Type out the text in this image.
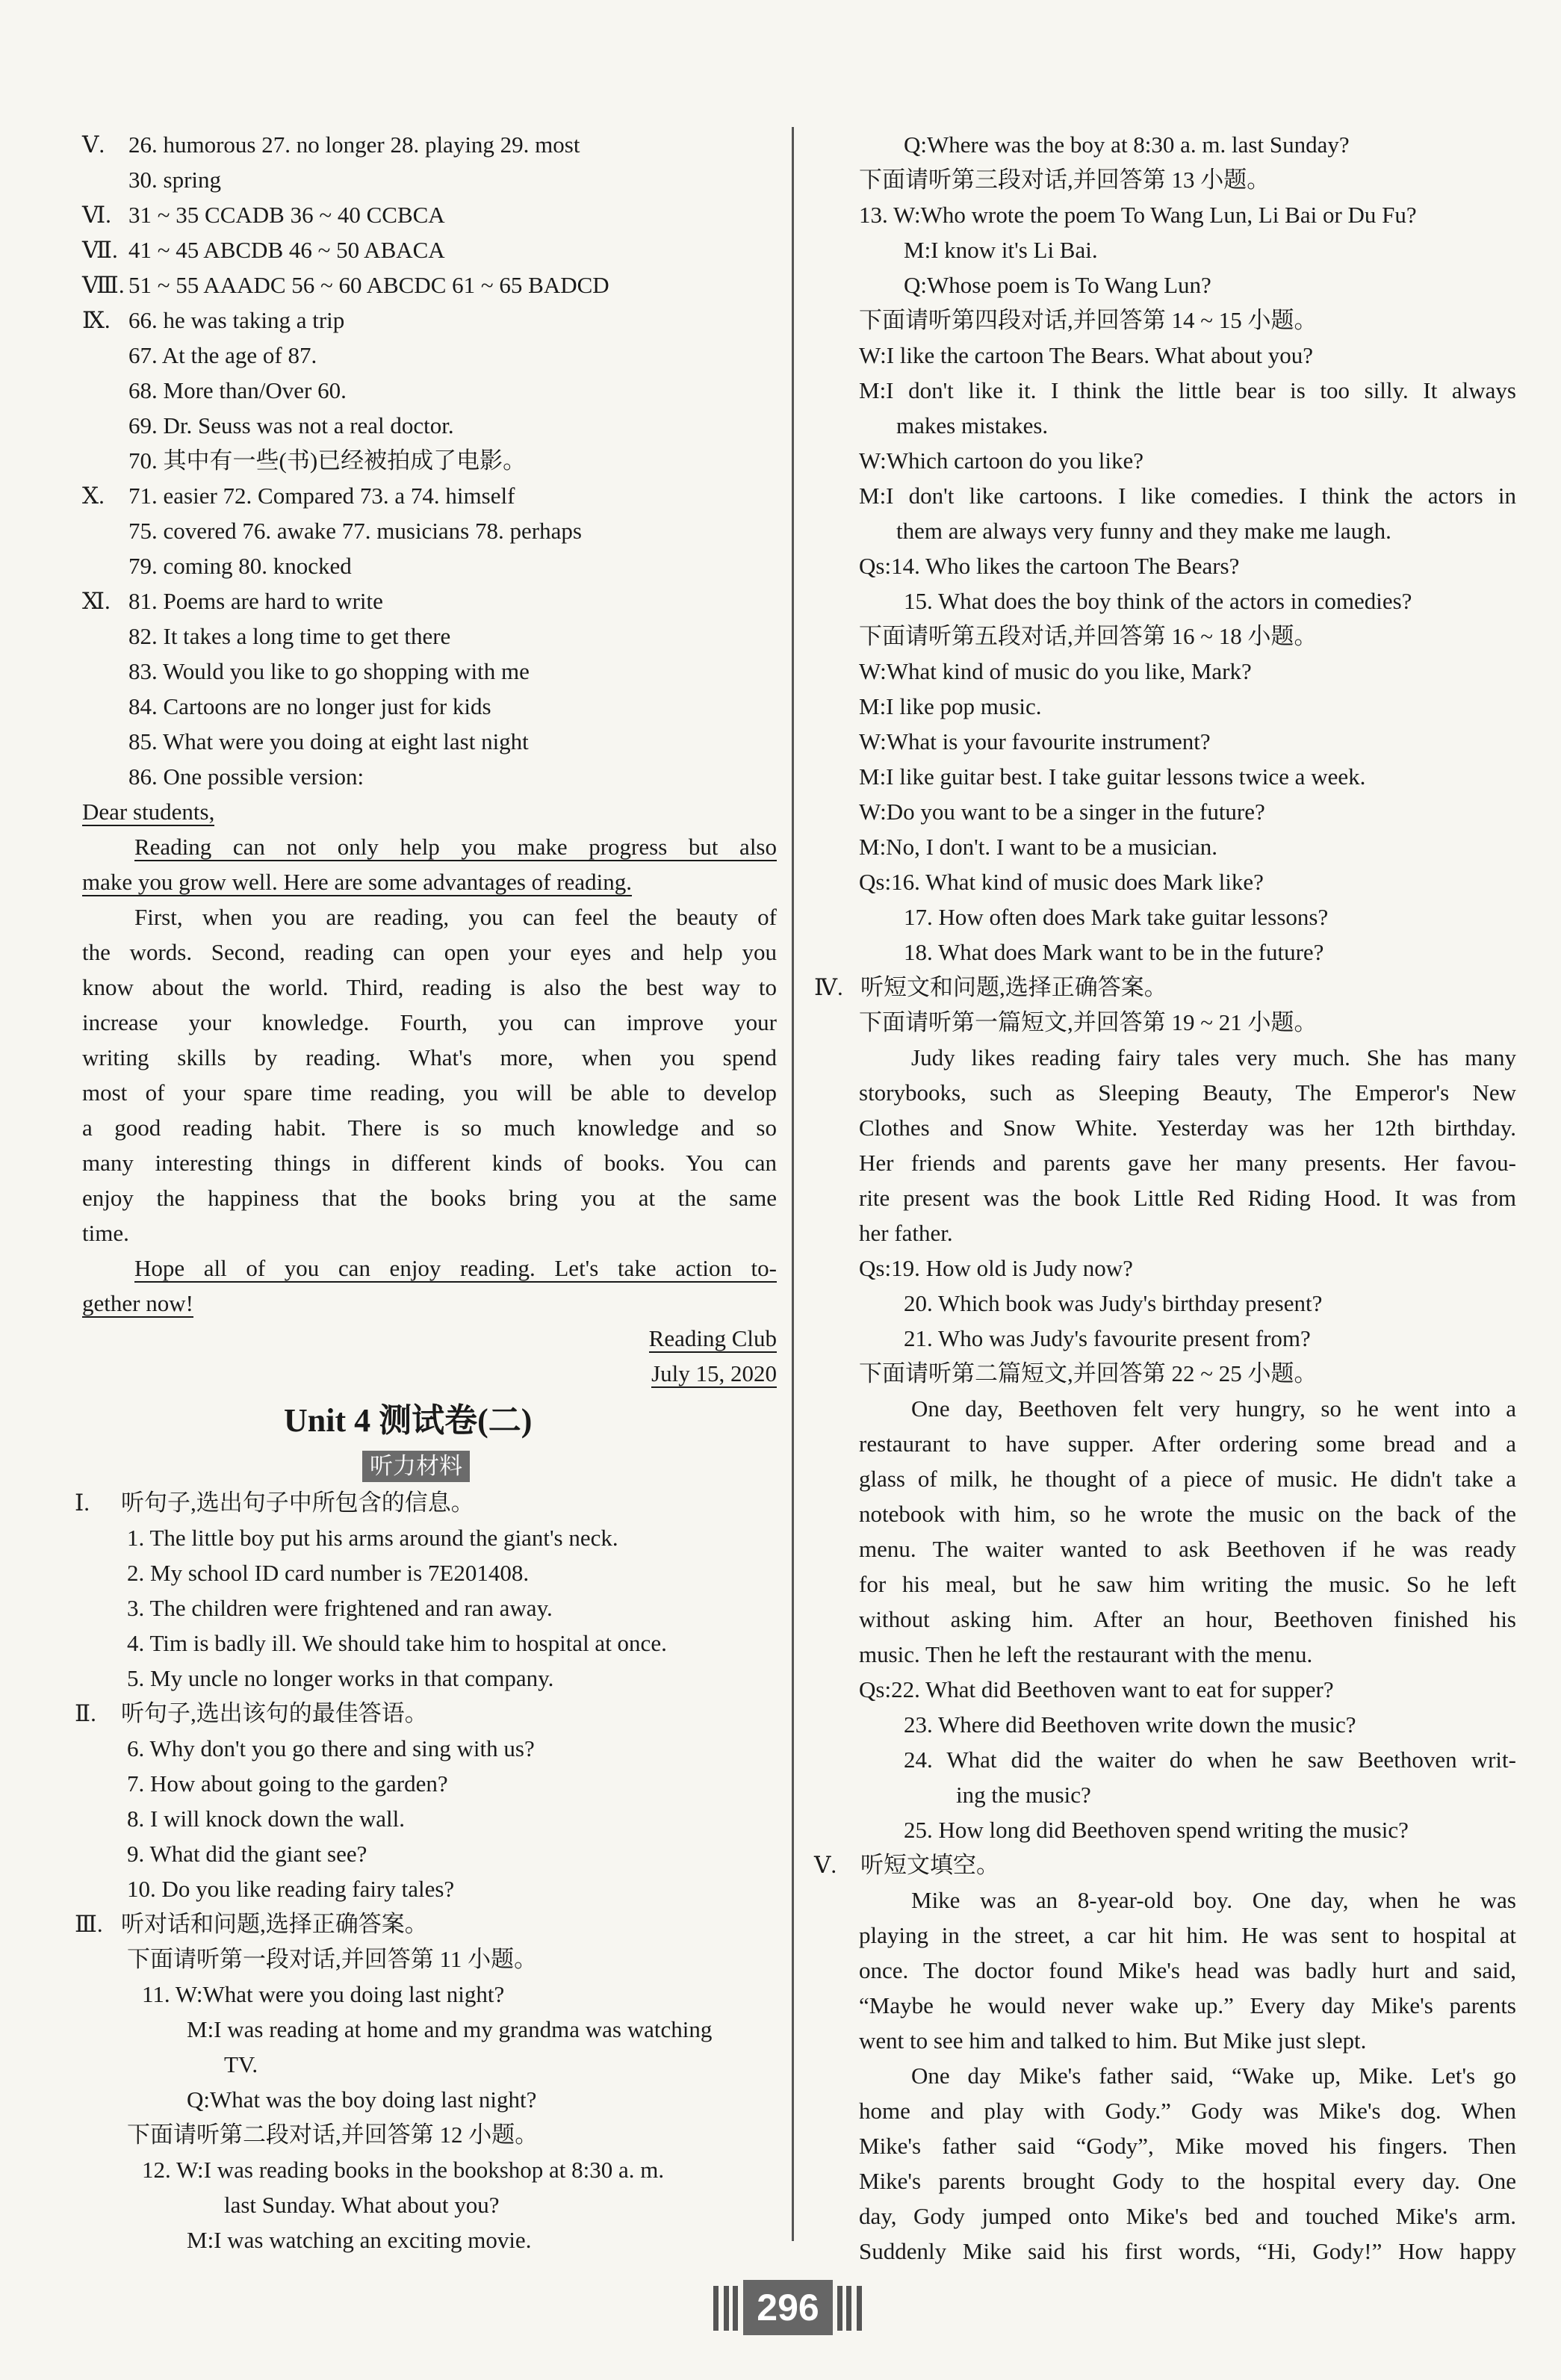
Ⅴ. 26. humorous 27. no longer 28. playing 29. most
30. spring
Ⅵ. 31 ~ 35 CCADB 36 ~ 40 CCBCA
Ⅶ. 41 ~ 45 ABCDB 46 ~ 50 ABACA
Ⅷ. 51 ~ 55 AAADC 56 ~ 60 ABCDC 61 ~ 65 BADCD
Ⅸ. 66. he was taking a trip
67. At the age of 87.
68. More than/Over 60.
69. Dr. Seuss was not a real doctor.
70. 其中有一些(书)已经被拍成了电影。
Ⅹ. 71. easier 72. Compared 73. a 74. himself
75. covered 76. awake 77. musicians 78. perhaps
79. coming 80. knocked
Ⅺ. 81. Poems are hard to write
82. It takes a long time to get there
83. Would you like to go shopping with me
84. Cartoons are no longer just for kids
85. What were you doing at eight last night
86. One possible version:
Dear students,
Reading can not only help you make progress but also
make you grow well. Here are some advantages of reading.
First, when you are reading, you can feel the beauty of
the words. Second, reading can open your eyes and help you
know about the world. Third, reading is also the best way to
increase your knowledge. Fourth, you can improve your
writing skills by reading. What's more, when you spend
most of your spare time reading, you will be able to develop
a good reading habit. There is so much knowledge and so
many interesting things in different kinds of books. You can
enjoy the happiness that the books bring you at the same
time.
Hope all of you can enjoy reading. Let's take action to-
gether now!
Reading Club
July 15, 2020
Unit 4 测试卷(二)
听力材料
Ⅰ. 听句子,选出句子中所包含的信息。
1. The little boy put his arms around the giant's neck.
2. My school ID card number is 7E201408.
3. The children were frightened and ran away.
4. Tim is badly ill. We should take him to hospital at once.
5. My uncle no longer works in that company.
Ⅱ. 听句子,选出该句的最佳答语。
6. Why don't you go there and sing with us?
7. How about going to the garden?
8. I will knock down the wall.
9. What did the giant see?
10. Do you like reading fairy tales?
Ⅲ. 听对话和问题,选择正确答案。
下面请听第一段对话,并回答第 11 小题。
11. W:What were you doing last night?
M:I was reading at home and my grandma was watching
TV.
Q:What was the boy doing last night?
下面请听第二段对话,并回答第 12 小题。
12. W:I was reading books in the bookshop at 8:30 a. m.
last Sunday. What about you?
M:I was watching an exciting movie.
Q:Where was the boy at 8:30 a. m. last Sunday?
下面请听第三段对话,并回答第 13 小题。
13. W:Who wrote the poem To Wang Lun, Li Bai or Du Fu?
M:I know it's Li Bai.
Q:Whose poem is To Wang Lun?
下面请听第四段对话,并回答第 14 ~ 15 小题。
W:I like the cartoon The Bears. What about you?
M:I don't like it. I think the little bear is too silly. It always
makes mistakes.
W:Which cartoon do you like?
M:I don't like cartoons. I like comedies. I think the actors in
them are always very funny and they make me laugh.
Qs:14. Who likes the cartoon The Bears?
15. What does the boy think of the actors in comedies?
下面请听第五段对话,并回答第 16 ~ 18 小题。
W:What kind of music do you like, Mark?
M:I like pop music.
W:What is your favourite instrument?
M:I like guitar best. I take guitar lessons twice a week.
W:Do you want to be a singer in the future?
M:No, I don't. I want to be a musician.
Qs:16. What kind of music does Mark like?
17. How often does Mark take guitar lessons?
18. What does Mark want to be in the future?
Ⅳ. 听短文和问题,选择正确答案。
下面请听第一篇短文,并回答第 19 ~ 21 小题。
Judy likes reading fairy tales very much. She has many
storybooks, such as Sleeping Beauty, The Emperor's New
Clothes and Snow White. Yesterday was her 12th birthday.
Her friends and parents gave her many presents. Her favou-
rite present was the book Little Red Riding Hood. It was from
her father.
Qs:19. How old is Judy now?
20. Which book was Judy's birthday present?
21. Who was Judy's favourite present from?
下面请听第二篇短文,并回答第 22 ~ 25 小题。
One day, Beethoven felt very hungry, so he went into a
restaurant to have supper. After ordering some bread and a
glass of milk, he thought of a piece of music. He didn't take a
notebook with him, so he wrote the music on the back of the
menu. The waiter wanted to ask Beethoven if he was ready
for his meal, but he saw him writing the music. So he left
without asking him. After an hour, Beethoven finished his
music. Then he left the restaurant with the menu.
Qs:22. What did Beethoven want to eat for supper?
23. Where did Beethoven write down the music?
24. What did the waiter do when he saw Beethoven writ-
ing the music?
25. How long did Beethoven spend writing the music?
Ⅴ. 听短文填空。
Mike was an 8-year-old boy. One day, when he was
playing in the street, a car hit him. He was sent to hospital at
once. The doctor found Mike's head was badly hurt and said,
“Maybe he would never wake up.” Every day Mike's parents
went to see him and talked to him. But Mike just slept.
One day Mike's father said, “Wake up, Mike. Let's go
home and play with Gody.” Gody was Mike's dog. When
Mike's father said “Gody”, Mike moved his fingers. Then
Mike's parents brought Gody to the hospital every day. One
day, Gody jumped onto Mike's bed and touched Mike's arm.
Suddenly Mike said his first words, “Hi, Gody!” How happy
296
